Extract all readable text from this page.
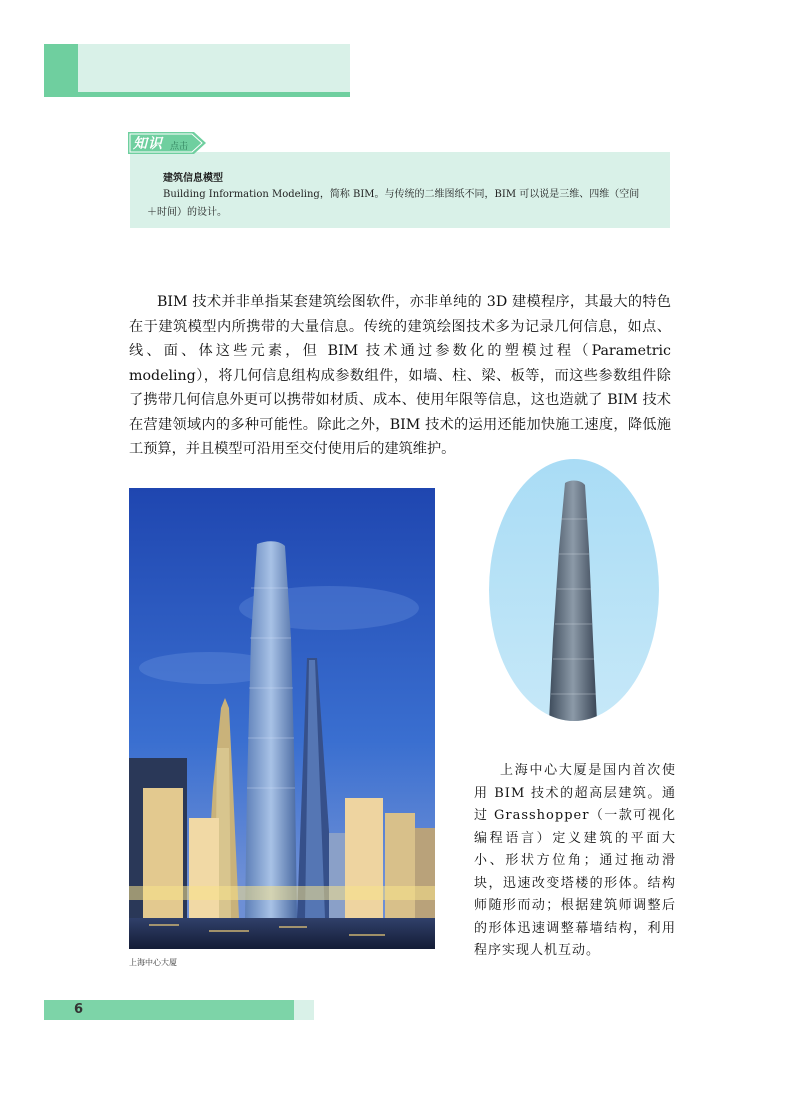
知识 点击
建筑信息模型
Building Information Modeling，简称 BIM。与传统的二维图纸不同，BIM 可以说是三维、四维（空间＋时间）的设计。
BIM 技术并非单指某套建筑绘图软件，亦非单纯的 3D 建模程序，其最大的特色在于建筑模型内所携带的大量信息。传统的建筑绘图技术多为记录几何信息，如点、线、面、体这些元素，但 BIM 技术通过参数化的塑模过程（Parametric modeling），将几何信息组构成参数组件，如墙、柱、梁、板等，而这些参数组件除了携带几何信息外更可以携带如材质、成本、使用年限等信息，这也造就了 BIM 技术在营建领域内的多种可能性。除此之外，BIM 技术的运用还能加快施工速度，降低施工预算，并且模型可沿用至交付使用后的建筑维护。
上海中心大厦
上海中心大厦是国内首次使用 BIM 技术的超高层建筑。通过 Grasshopper（一款可视化编程语言）定义建筑的平面大小、形状方位角；通过拖动滑块，迅速改变塔楼的形体。结构师随形而动；根据建筑师调整后的形体迅速调整幕墙结构，利用程序实现人机互动。
6
